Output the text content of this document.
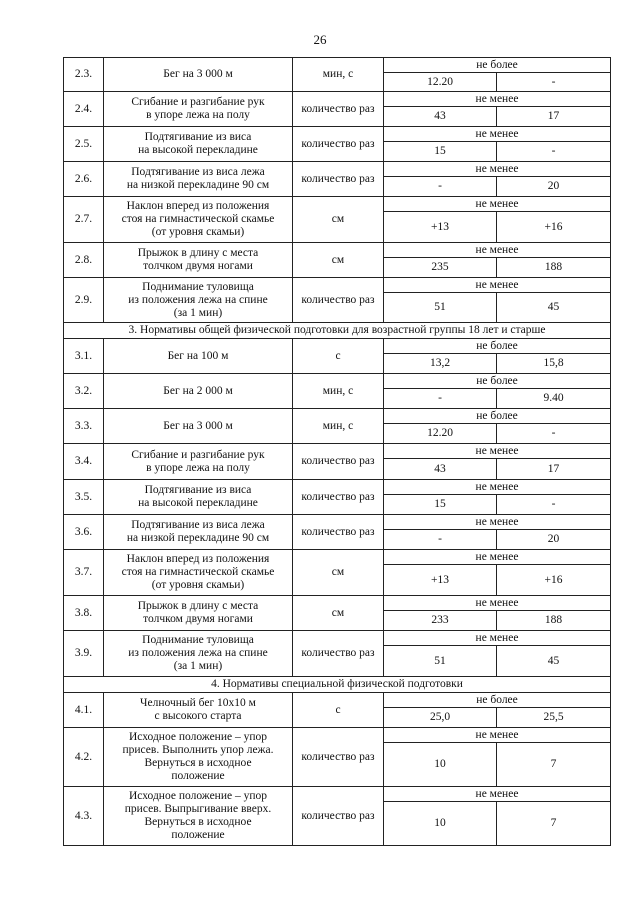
26
2.3.	Бег на 3 000 м	мин, с	не более	
			12.20	-
2.4.	Сгибание и разгибание рук
в упоре лежа на полу	количество раз	не менее	
			43	17
2.5.	Подтягивание из виса
на высокой перекладине	количество раз	не менее	
			15	-
2.6.	Подтягивание из виса лежа
на низкой перекладине 90 см	количество раз	не менее	
			-	20
2.7.	Наклон вперед из положения
стоя на гимнастической скамье
(от уровня скамьи)	см	не менее	
			+13	+16
2.8.	Прыжок в длину с места
толчком двумя ногами	см	не менее	
			235	188
2.9.	Поднимание туловища
из положения лежа на спине
(за 1 мин)	количество раз	не менее	
			51	45
3. Нормативы общей физической подготовки для возрастной группы 18 лет и старше				
3.1.	Бег на 100 м	с	не более	
			13,2	15,8
3.2.	Бег на 2 000 м	мин, с	не более	
			-	9.40
3.3.	Бег на 3 000 м	мин, с	не более	
			12.20	-
3.4.	Сгибание и разгибание рук
в упоре лежа на полу	количество раз	не менее	
			43	17
3.5.	Подтягивание из виса
на высокой перекладине	количество раз	не менее	
			15	-
3.6.	Подтягивание из виса лежа
на низкой перекладине 90 см	количество раз	не менее	
			-	20
3.7.	Наклон вперед из положения
стоя на гимнастической скамье
(от уровня скамьи)	см	не менее	
			+13	+16
3.8.	Прыжок в длину с места
толчком двумя ногами	см	не менее	
			233	188
3.9.	Поднимание туловища
из положения лежа на спине
(за 1 мин)	количество раз	не менее	
			51	45
4. Нормативы специальной физической подготовки				
4.1.	Челночный бег 10х10 м
с высокого старта	с	не более	
			25,0	25,5
4.2.	Исходное положение – упор
присев. Выполнить упор лежа.
Вернуться в исходное
положение	количество раз	не менее	
			10	7
4.3.	Исходное положение – упор
присев. Выпрыгивание вверх.
Вернуться в исходное
положение	количество раз	не менее	
			10	7
